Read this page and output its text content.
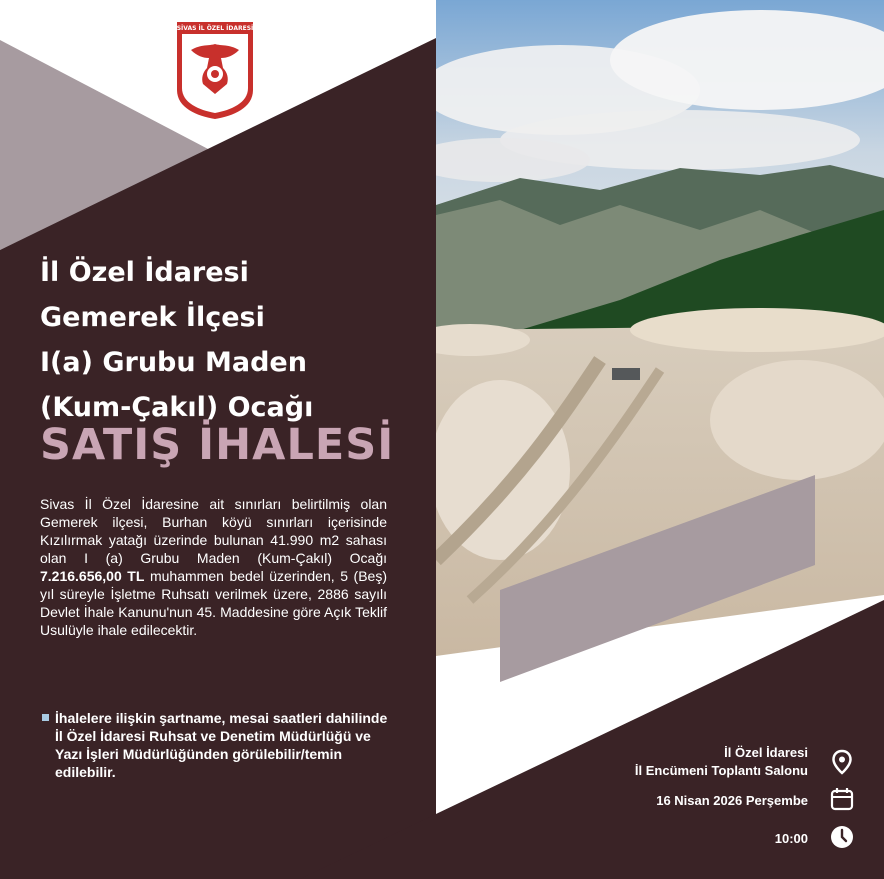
SİVAS İL ÖZEL İDARESİ
İl Özel İdaresi
Gemerek İlçesi
I(a) Grubu Maden
(Kum-Çakıl) Ocağı
SATIŞ İHALESİ
Sivas İl Özel İdaresine ait sınırları belirtilmiş olan Gemerek ilçesi, Burhan köyü sınırları içerisinde Kızılırmak yatağı üzerinde bulunan 41.990 m2 sahası olan I (a) Grubu Maden (Kum-Çakıl) Ocağı 7.216.656,00 TL muhammen bedel üzerinden, 5 (Beş) yıl süreyle İşletme Ruhsatı verilmek üzere, 2886 sayılı Devlet İhale Kanunu'nun 45. Maddesine göre Açık Teklif Usulüyle ihale edilecektir.
İhalelere ilişkin şartname, mesai saatleri dahilinde İl Özel İdaresi Ruhsat ve Denetim Müdürlüğü ve Yazı İşleri Müdürlüğünden görülebilir/temin edilebilir.
İl Özel İdaresi
İl Encümeni Toplantı Salonu
16 Nisan 2026 Perşembe
10:00
